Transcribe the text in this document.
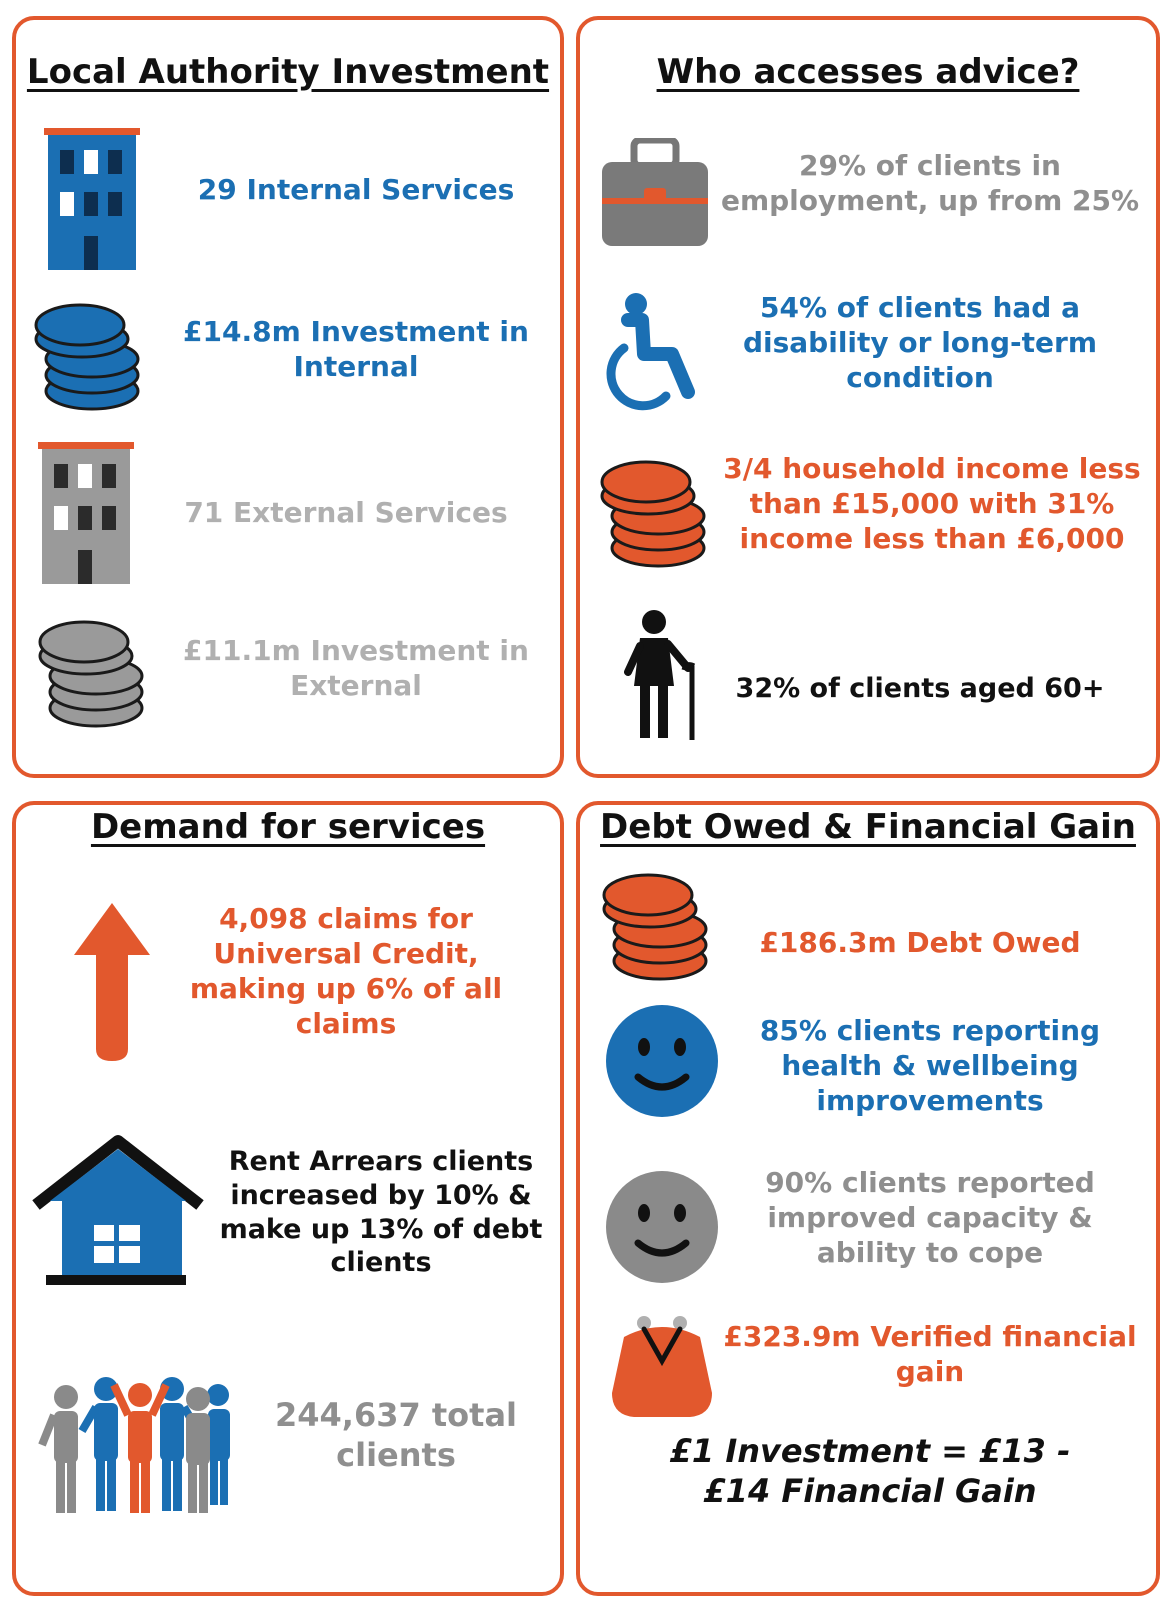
Local Authority Investment
29 Internal Services
£14.8m Investment in Internal
71 External Services
£11.1m Investment in External
Who accesses advice?
29% of clients in employment, up from 25%
54% of clients had a disability or long-term condition
3/4 household income less than £15,000 with 31% income less than £6,000
32% of clients aged 60+
Demand for services
4,098 claims for Universal Credit, making up 6% of all claims
Rent Arrears clients increased by 10% & make up 13% of debt clients
244,637 total clients
Debt Owed & Financial Gain
£186.3m Debt Owed
85% clients reporting health & wellbeing improvements
90% clients reported improved capacity & ability to cope
£323.9m Verified financial gain
£1 Investment = £13 - £14 Financial Gain
